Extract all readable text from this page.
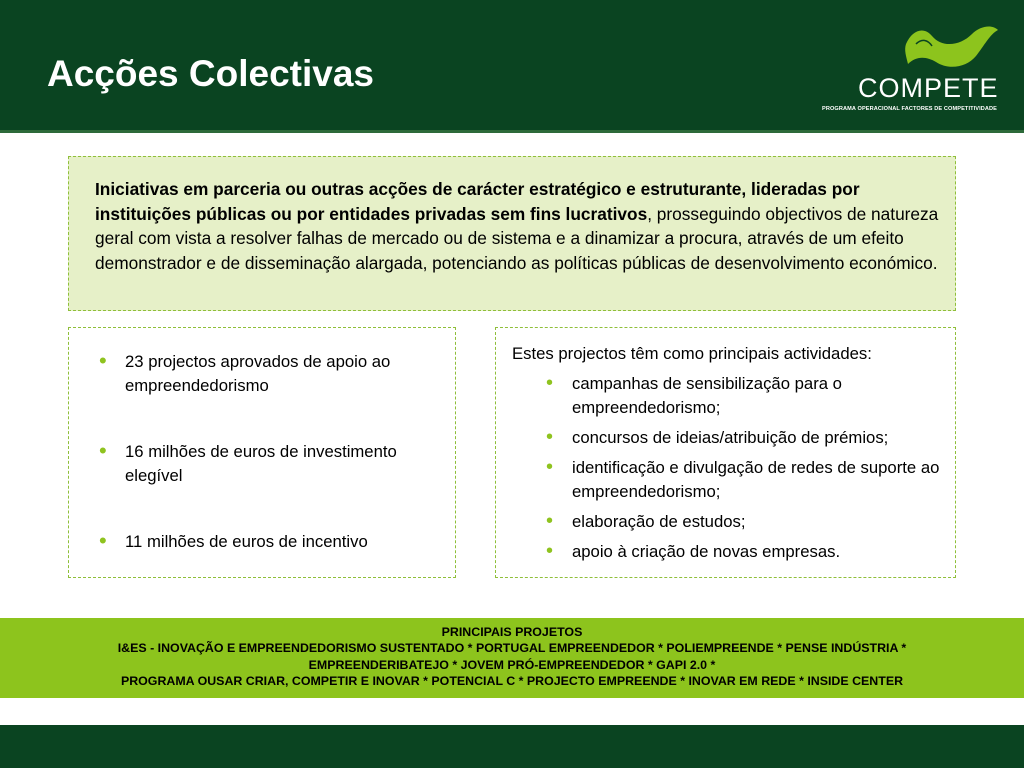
Acções Colectivas	COMPETE
PROGRAMA OPERACIONAL FACTORES DE COMPETITIVIDADE
Iniciativas em parceria ou outras acções de carácter estratégico e estruturante, lideradas por instituições públicas ou por entidades privadas sem fins lucrativos, prosseguindo objectivos de natureza geral com vista a resolver falhas de mercado ou de sistema e a dinamizar a procura, através de um efeito demonstrador e de disseminação alargada, potenciando as políticas públicas de desenvolvimento económico.
• 23 projectos aprovados de apoio ao empreendedorismo
• 16 milhões de euros de investimento elegível
• 11 milhões de euros de incentivo

Estes projectos têm como principais actividades:

• campanhas de sensibilização para o empreendedorismo;
• concursos de ideias/atribuição de prémios;
• identificação e divulgação de redes de suporte ao empreendedorismo;
• elaboração de estudos;
• apoio à criação de novas empresas.
PRINCIPAIS PROJETOS
I&ES - INOVAÇÃO E EMPREENDEDORISMO SUSTENTADO * PORTUGAL EMPREENDEDOR * POLIEMPREENDE * PENSE INDÚSTRIA *
EMPREENDERIBATEJO * JOVEM PRÓ-EMPREENDEDOR * GAPI 2.0 *
PROGRAMA OUSAR CRIAR, COMPETIR E INOVAR * POTENCIAL C * PROJECTO EMPREENDE * INOVAR EM REDE * INSIDE CENTER
